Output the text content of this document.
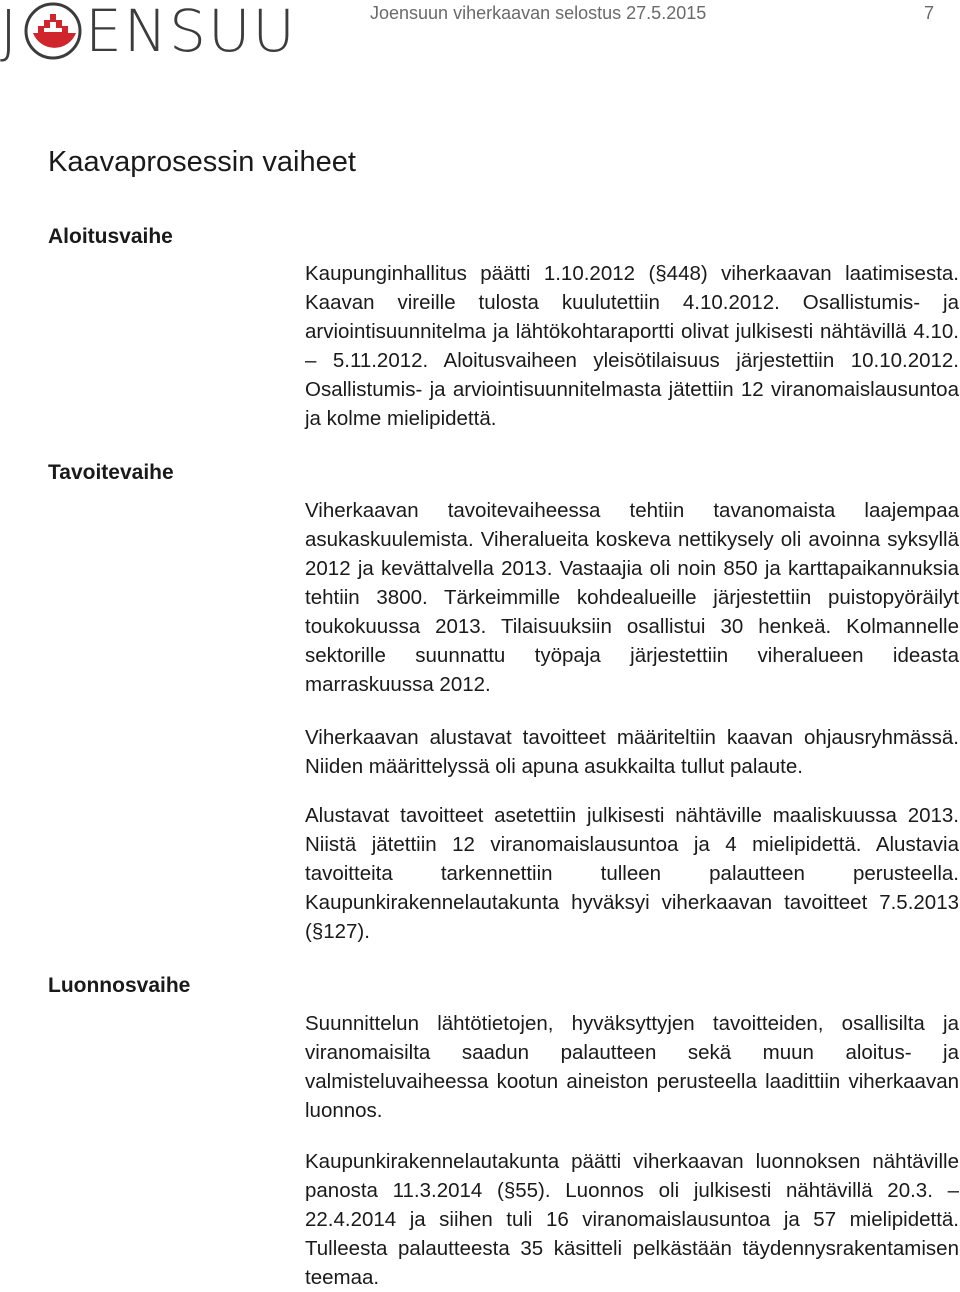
J ENSUU	Joensuun viherkaavan selostus 27.5.2015	7
Kaavaprosessin vaiheet
Aloitusvaihe

Kaupunginhallitus päätti 1.10.2012 (§448) viherkaavan laatimisesta. Kaavan vireille tulosta kuulutettiin 4.10.2012. Osallistumis- ja arviointisuunnitelma ja lähtökohtaraportti olivat julkisesti nähtävillä 4.10. – 5.11.2012. Aloitusvaiheen yleisötilaisuus järjestettiin 10.10.2012. Osallistumis- ja arviointisuunnitelmasta jätettiin 12 viranomaislausuntoa ja kolme mielipidettä.

Tavoitevaihe

Viherkaavan tavoitevaiheessa tehtiin tavanomaista laajempaa asukaskuulemista. Viheralueita koskeva nettikysely oli avoinna syksyllä 2012 ja kevättalvella 2013. Vastaajia oli noin 850 ja karttapaikannuksia tehtiin 3800. Tärkeimmille kohdealueille järjestettiin puistopyöräilyt toukokuussa 2013. Tilaisuuksiin osallistui 30 henkeä. Kolmannelle sektorille suunnattu työpaja järjestettiin viheralueen ideasta marraskuussa 2012.

Viherkaavan alustavat tavoitteet määriteltiin kaavan ohjausryhmässä. Niiden määrittelyssä oli apuna asukkailta tullut palaute.

Alustavat tavoitteet asetettiin julkisesti nähtäville maaliskuussa 2013. Niistä jätettiin 12 viranomaislausuntoa ja 4 mielipidettä. Alustavia tavoitteita tarkennettiin tulleen palautteen perusteella. Kaupunkirakennelautakunta hyväksyi viherkaavan tavoitteet 7.5.2013 (§127).

Luonnosvaihe

Suunnittelun lähtötietojen, hyväksyttyjen tavoitteiden, osallisilta ja viranomaisilta saadun palautteen sekä muun aloitus- ja valmisteluvaiheessa kootun aineiston perusteella laadittiin viherkaavan luonnos.

Kaupunkirakennelautakunta päätti viherkaavan luonnoksen nähtäville panosta 11.3.2014 (§55). Luonnos oli julkisesti nähtävillä 20.3. – 22.4.2014 ja siihen tuli 16 viranomaislausuntoa ja 57 mielipidettä. Tulleesta palautteesta 35 käsitteli pelkästään täydennysrakentamisen teemaa.
